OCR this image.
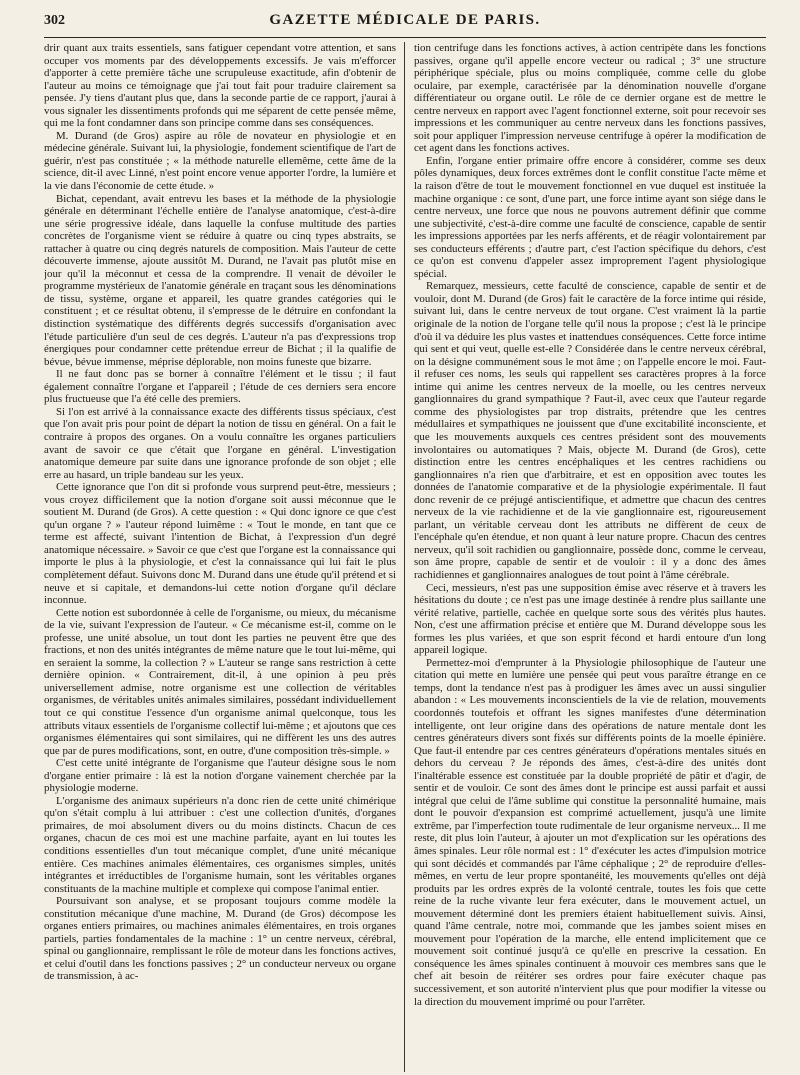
302	GAZETTE MÉDICALE DE PARIS.

drir quant aux traits essentiels, sans fatiguer cependant votre attention, et sans occuper vos moments par des développements excessifs. Je vais m'efforcer d'apporter à cette première tâche une scrupuleuse exactitude, afin d'obtenir de l'auteur au moins ce témoignage que j'ai tout fait pour traduire clairement sa pensée. J'y tiens d'autant plus que, dans la seconde partie de ce rapport, j'aurai à vous signaler les dissentiments profonds qui me séparent de cette pensée même, qui me la font condamner dans son principe comme dans ses conséquences.

M. Durand (de Gros) aspire au rôle de novateur en physiologie et en médecine générale. Suivant lui, la physiologie, fondement scientifique de l'art de guérir, n'est pas constituée ; « la méthode naturelle ellemême, cette âme de la science, dit-il avec Linné, n'est point encore venue apporter l'ordre, la lumière et la vie dans l'économie de cette étude. »

Bichat, cependant, avait entrevu les bases et la méthode de la physiologie générale en déterminant l'échelle entière de l'analyse anatomique, c'est-à-dire une série progressive idéale, dans laquelle la confuse multitude des parties concrètes de l'organisme vient se réduire à quatre ou cinq types abstraits, se rattacher à quatre ou cinq degrés naturels de composition. Mais l'auteur de cette découverte immense, ajoute aussitôt M. Durand, ne l'avait pas plutôt mise en jour qu'il la méconnut et cessa de la comprendre. Il venait de dévoiler le programme mystérieux de l'anatomie générale en traçant sous les dénominations de tissu, système, organe et appareil, les quatre grandes catégories qui le constituent ; et ce résultat obtenu, il s'empresse de le détruire en confondant la distinction systématique des différents degrés successifs d'organisation avec l'étude particulière d'un seul de ces degrés. L'auteur n'a pas d'expressions trop énergiques pour condamner cette prétendue erreur de Bichat ; il la qualifie de bévue, bévue immense, méprise déplorable, non moins funeste que bizarre.

Il ne faut donc pas se borner à connaître l'élément et le tissu ; il faut également connaître l'organe et l'appareil ; l'étude de ces derniers sera encore plus fructueuse que l'a été celle des premiers.

Si l'on est arrivé à la connaissance exacte des différents tissus spéciaux, c'est que l'on avait pris pour point de départ la notion de tissu en général. On a fait le contraire à propos des organes. On a voulu connaître les organes particuliers avant de savoir ce que c'était que l'organe en général. L'investigation anatomique demeure par suite dans une ignorance profonde de son objet ; elle erre au hasard, un triple bandeau sur les yeux.

Cette ignorance que l'on dit si profonde vous surprend peut-être, messieurs ; vous croyez difficilement que la notion d'organe soit aussi méconnue que le soutient M. Durand (de Gros). A cette question : « Qui donc ignore ce que c'est qu'un organe ? » l'auteur répond luimême : « Tout le monde, en tant que ce terme est affecté, suivant l'intention de Bichat, à l'expression d'un degré anatomique nécessaire. » Savoir ce que c'est que l'organe est la connaissance qui importe le plus à la physiologie, et c'est la connaissance qui lui fait le plus complètement défaut. Suivons donc M. Durand dans une étude qu'il prétend et si neuve et si capitale, et demandons-lui cette notion d'organe qu'il déclare inconnue.

Cette notion est subordonnée à celle de l'organisme, ou mieux, du mécanisme de la vie, suivant l'expression de l'auteur. « Ce mécanisme est-il, comme on le professe, une unité absolue, un tout dont les parties ne peuvent être que des fractions, et non des unités intégrantes de même nature que le tout lui-même, qui en seraient la somme, la collection ? » L'auteur se range sans restriction à cette dernière opinion. « Contrairement, dit-il, à une opinion à peu près universellement admise, notre organisme est une collection de véritables organismes, de véritables unités animales similaires, possédant individuellement tout ce qui constitue l'essence d'un organisme animal quelconque, tous les attributs vitaux essentiels de l'organisme collectif lui-même ; et ajoutons que ces organismes élémentaires qui sont similaires, qui ne diffèrent les uns des autres que par de pures modifications, sont, en outre, d'une composition très-simple. »

C'est cette unité intégrante de l'organisme que l'auteur désigne sous le nom d'organe entier primaire : là est la notion d'organe vainement cherchée par la physiologie moderne.

L'organisme des animaux supérieurs n'a donc rien de cette unité chimérique qu'on s'était complu à lui attribuer : c'est une collection d'unités, d'organes primaires, de moi absolument divers ou du moins distincts. Chacun de ces organes, chacun de ces moi est une machine parfaite, ayant en lui toutes les conditions essentielles d'un tout mécanique complet, d'une unité mécanique entière. Ces machines animales élémentaires, ces organismes simples, unités intégrantes et irréductibles de l'organisme humain, sont les véritables organes constituants de la machine multiple et complexe qui compose l'animal entier.

Poursuivant son analyse, et se proposant toujours comme modèle la constitution mécanique d'une machine, M. Durand (de Gros) décompose les organes entiers primaires, ou machines animales élémentaires, en trois organes partiels, parties fondamentales de la machine : 1° un centre nerveux, cérébral, spinal ou ganglionnaire, remplissant le rôle de moteur dans les fonctions actives, et celui d'outil dans les fonctions passives ; 2° un conducteur nerveux ou organe de transmission, à ac-

tion centrifuge dans les fonctions actives, à action centripète dans les fonctions passives, organe qu'il appelle encore vecteur ou radical ; 3° une structure périphérique spéciale, plus ou moins compliquée, comme celle du globe oculaire, par exemple, caractérisée par la dénomination nouvelle d'organe différentiateur ou organe outil. Le rôle de ce dernier organe est de mettre le centre nerveux en rapport avec l'agent fonctionnel externe, soit pour recevoir ses impressions et les communiquer au centre nerveux dans les fonctions passives, soit pour appliquer l'impression nerveuse centrifuge à opérer la modification de cet agent dans les fonctions actives.

Enfin, l'organe entier primaire offre encore à considérer, comme ses deux pôles dynamiques, deux forces extrêmes dont le conflit constitue l'acte même et la raison d'être de tout le mouvement fonctionnel en vue duquel est instituée la machine organique : ce sont, d'une part, une force intime ayant son siége dans le centre nerveux, une force que nous ne pouvons autrement définir que comme une subjectivité, c'est-à-dire comme une faculté de conscience, capable de sentir les impressions apportées par les nerfs afférents, et de réagir volontairement par ses conducteurs efférents ; d'autre part, c'est l'action spécifique du dehors, c'est ce qu'on est convenu d'appeler assez improprement l'agent physiologique spécial.

Remarquez, messieurs, cette faculté de conscience, capable de sentir et de vouloir, dont M. Durand (de Gros) fait le caractère de la force intime qui réside, suivant lui, dans le centre nerveux de tout organe. C'est vraiment là la partie originale de la notion de l'organe telle qu'il nous la propose ; c'est là le principe d'où il va déduire les plus vastes et inattendues conséquences. Cette force intime qui sent et qui veut, quelle est-elle ? Considérée dans le centre nerveux cérébral, on la désigne communément sous le mot âme ; on l'appelle encore le moi. Faut-il refuser ces noms, les seuls qui rappellent ses caractères propres à la force intime qui anime les centres nerveux de la moelle, ou les centres nerveux ganglionnaires du grand sympathique ? Faut-il, avec ceux que l'auteur regarde comme des physiologistes par trop distraits, prétendre que les centres médullaires et sympathiques ne jouissent que d'une excitabilité inconsciente, et que les mouvements auxquels ces centres président sont des mouvements involontaires ou automatiques ? Mais, objecte M. Durand (de Gros), cette distinction entre les centres encéphaliques et les centres rachidiens ou ganglionnaires n'a rien que d'arbitraire, et est en opposition avec toutes les données de l'anatomie comparative et de la physiologie expérimentale. Il faut donc revenir de ce préjugé antiscientifique, et admettre que chacun des centres nerveux de la vie rachidienne et de la vie ganglionnaire est, rigoureusement parlant, un véritable cerveau dont les attributs ne diffèrent de ceux de l'encéphale qu'en étendue, et non quant à leur nature propre. Chacun des centres nerveux, qu'il soit rachidien ou ganglionnaire, possède donc, comme le cerveau, son âme propre, capable de sentir et de vouloir : il y a donc des âmes rachidiennes et ganglionnaires analogues de tout point à l'âme cérébrale.

Ceci, messieurs, n'est pas une supposition émise avec réserve et à travers les hésitations du doute ; ce n'est pas une image destinée à rendre plus saillante une vérité relative, partielle, cachée en quelque sorte sous des vérités plus hautes. Non, c'est une affirmation précise et entière que M. Durand développe sous les formes les plus variées, et que son esprit fécond et hardi entoure d'un long appareil logique.

Permettez-moi d'emprunter à la Physiologie philosophique de l'auteur une citation qui mette en lumière une pensée qui peut vous paraître étrange en ce temps, dont la tendance n'est pas à prodiguer les âmes avec un aussi singulier abandon : « Les mouvements inconscientiels de la vie de relation, mouvements coordonnés toutefois et offrant les signes manifestes d'une détermination intelligente, ont leur origine dans des opérations de nature mentale dont les centres générateurs divers sont fixés sur différents points de la moelle épinière. Que faut-il entendre par ces centres générateurs d'opérations mentales situés en dehors du cerveau ? Je réponds des âmes, c'est-à-dire des unités dont l'inaltérable essence est constituée par la double propriété de pâtir et d'agir, de sentir et de vouloir. Ce sont des âmes dont le principe est aussi parfait et aussi intégral que celui de l'âme sublime qui constitue la personnalité humaine, mais dont le pouvoir d'expansion est comprimé actuellement, jusqu'à une limite extrême, par l'imperfection toute rudimentale de leur organisme nerveux... Il me reste, dit plus loin l'auteur, à ajouter un mot d'explication sur les opérations des âmes spinales. Leur rôle normal est : 1° d'exécuter les actes d'impulsion motrice qui sont décidés et commandés par l'âme céphalique ; 2° de reproduire d'elles-mêmes, en vertu de leur propre spontanéité, les mouvements qu'elles ont déjà produits par les ordres exprès de la volonté centrale, toutes les fois que cette reine de la ruche vivante leur fera exécuter, dans le mouvement actuel, un mouvement déterminé dont les premiers étaient habituellement suivis. Ainsi, quand l'âme centrale, notre moi, commande que les jambes soient mises en mouvement pour l'opération de la marche, elle entend implicitement que ce mouvement soit continué jusqu'à ce qu'elle en prescrive la cessation. En conséquence les âmes spinales continuent à mouvoir ces membres sans que le chef ait besoin de réitérer ses ordres pour faire exécuter chaque pas successivement, et son autorité n'intervient plus que pour modifier la vitesse ou la direction du mouvement imprimé ou pour l'arrêter.
